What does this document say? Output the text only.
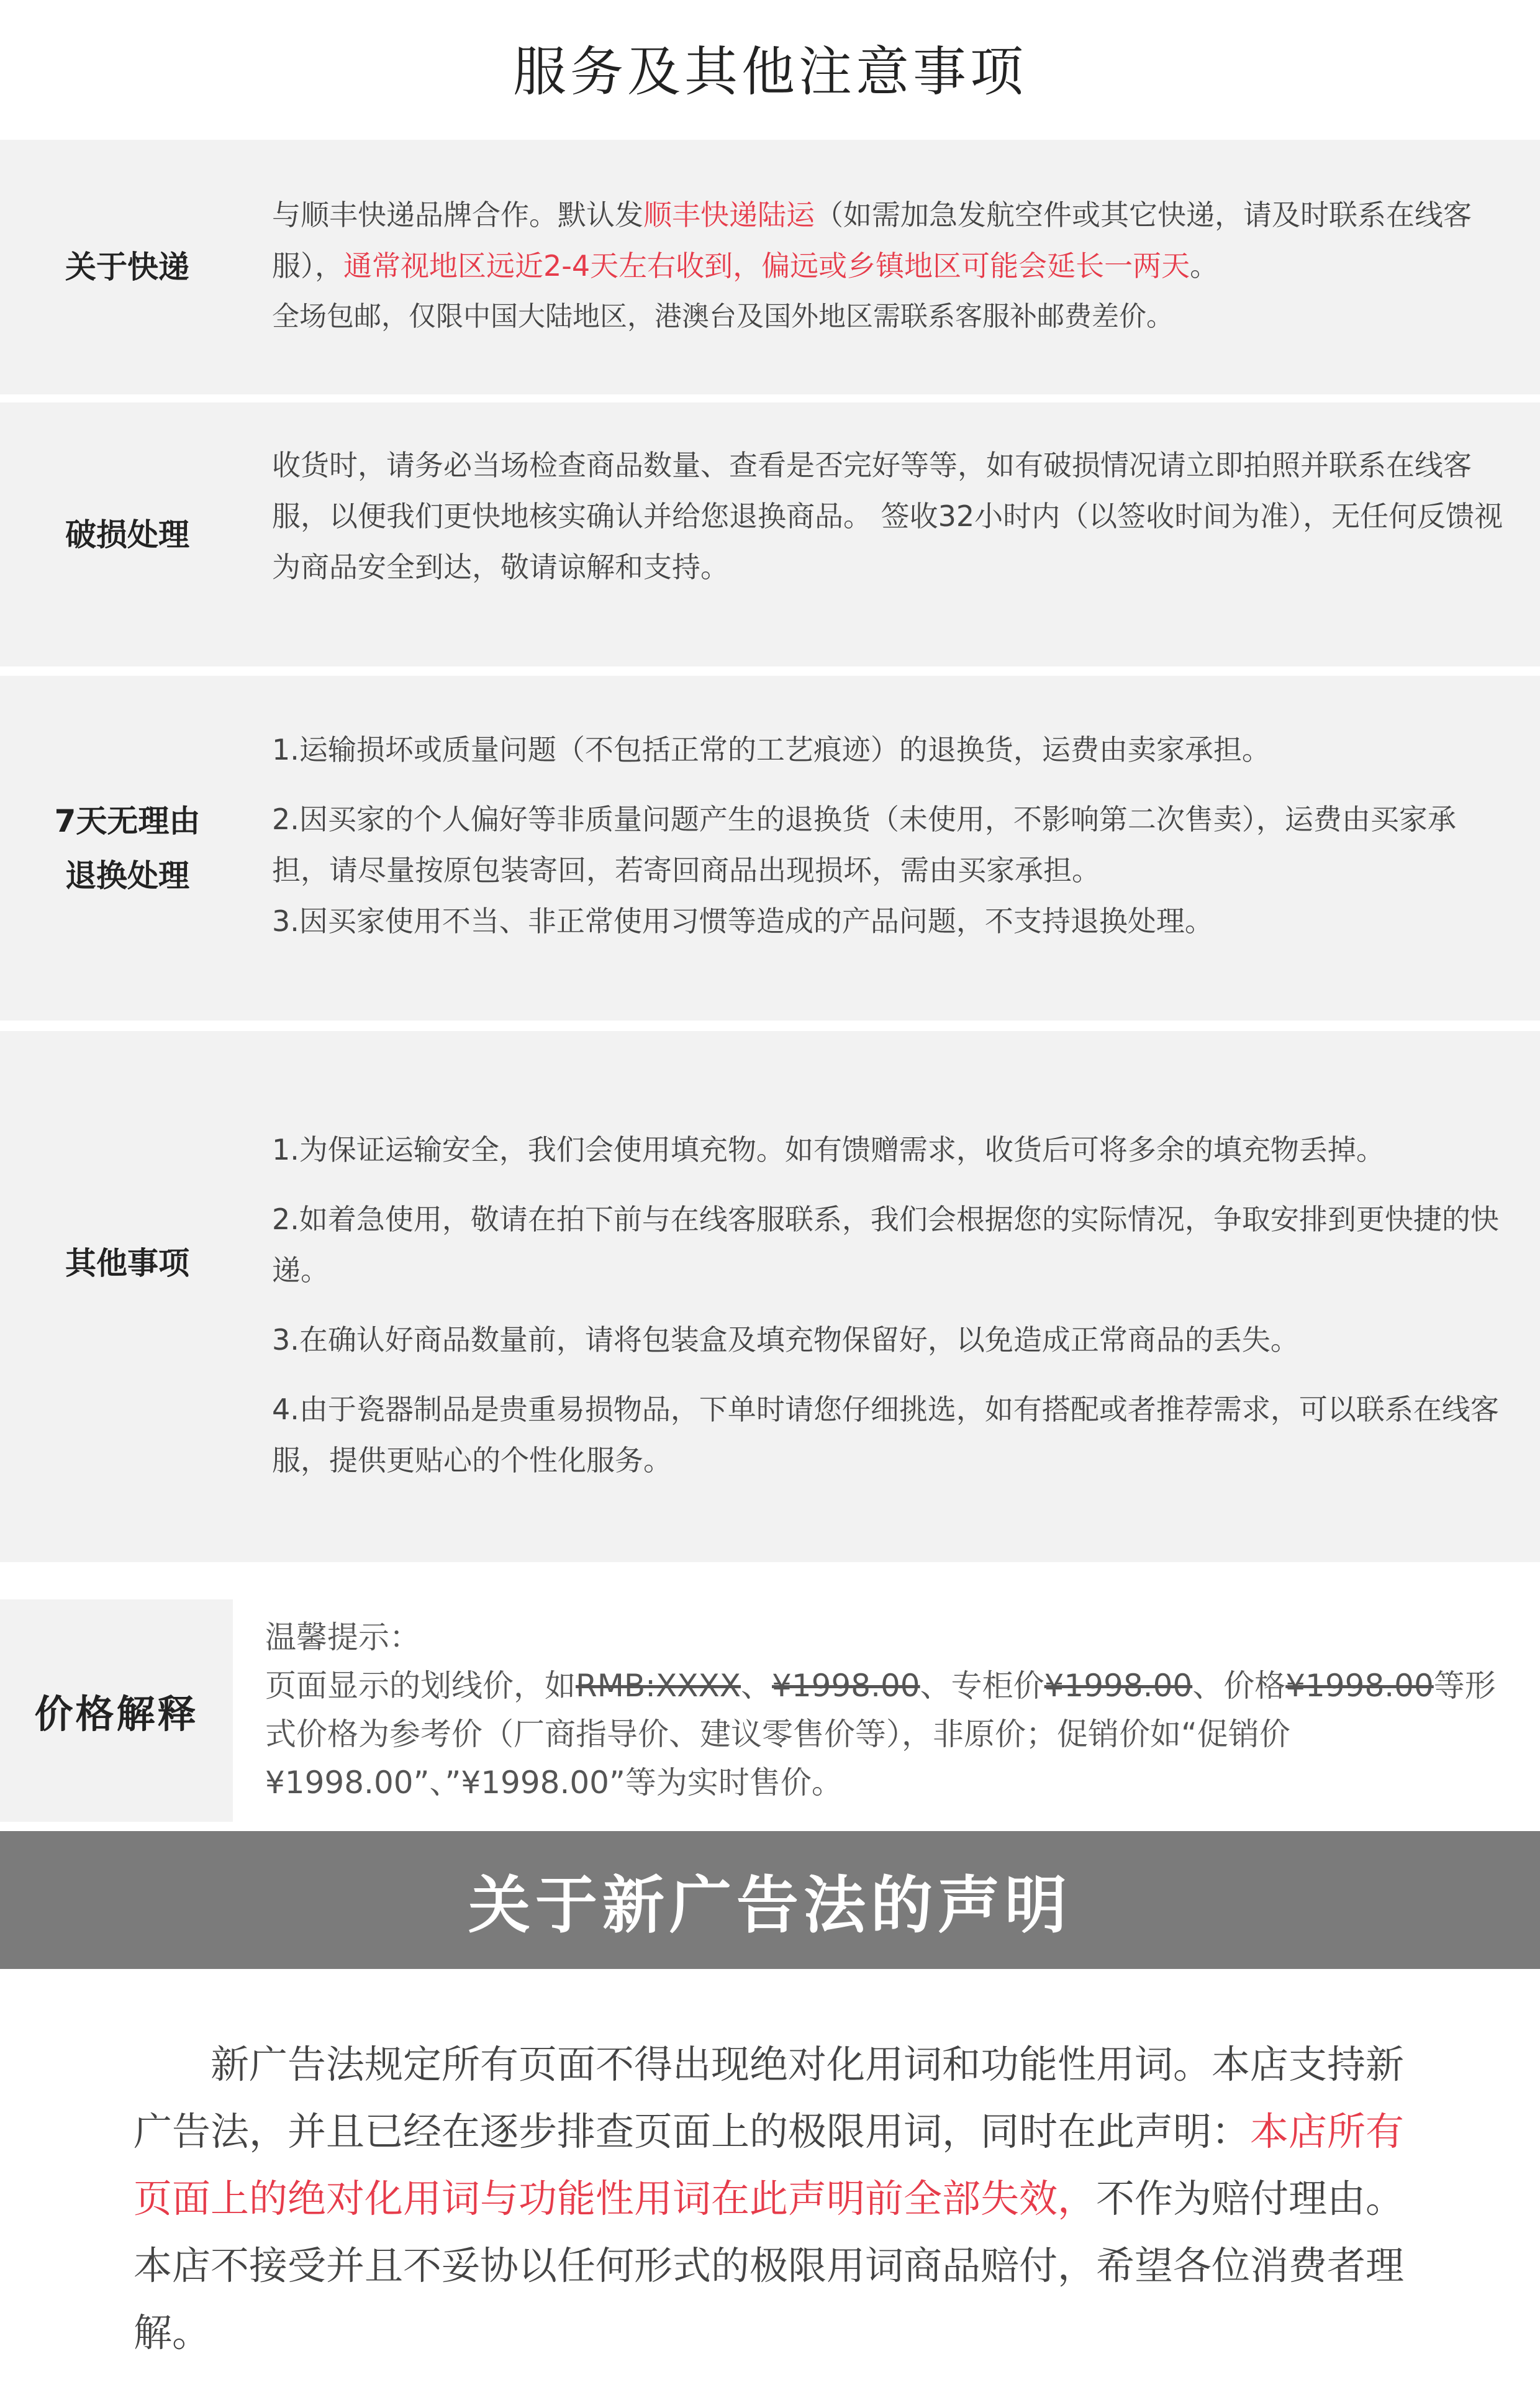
服务及其他注意事项
关于快递

与顺丰快递品牌合作。默认发顺丰快递陆运（如需加急发航空件或其它快递，请及时联系在线客服），通常视地区远近2-4天左右收到，偏远或乡镇地区可能会延长一两天。

全场包邮，仅限中国大陆地区，港澳台及国外地区需联系客服补邮费差价。

破损处理

收货时，请务必当场检查商品数量、查看是否完好等等，如有破损情况请立即拍照并联系在线客服，以便我们更快地核实确认并给您退换商品。 签收32小时内（以签收时间为准），无任何反馈视为商品安全到达，敬请谅解和支持。

7天无理由
退换处理

1.运输损坏或质量问题（不包括正常的工艺痕迹）的退换货，运费由卖家承担。

2.因买家的个人偏好等非质量问题产生的退换货（未使用，不影响第二次售卖），运费由买家承担，请尽量按原包装寄回，若寄回商品出现损坏，需由买家承担。

3.因买家使用不当、非正常使用习惯等造成的产品问题，不支持退换处理。

其他事项

1.为保证运输安全，我们会使用填充物。如有馈赠需求，收货后可将多余的填充物丢掉。

2.如着急使用，敬请在拍下前与在线客服联系，我们会根据您的实际情况，争取安排到更快捷的快递。

3.在确认好商品数量前，请将包装盒及填充物保留好，以免造成正常商品的丢失。

4.由于瓷器制品是贵重易损物品，下单时请您仔细挑选，如有搭配或者推荐需求，可以联系在线客服，提供更贴心的个性化服务。

价格解释

温馨提示：

页面显示的划线价，如RMB:XXXX、¥1998.00、专柜价¥1998.00、价格¥1998.00等形式价格为参考价（厂商指导价、建议零售价等），非原价；促销价如“促销价¥1998.00”、”¥1998.00”等为实时售价。

关于新广告法的声明

新广告法规定所有页面不得出现绝对化用词和功能性用词。本店支持新广告法，并且已经在逐步排查页面上的极限用词，同时在此声明：本店所有页面上的绝对化用词与功能性用词在此声明前全部失效，不作为赔付理由。本店不接受并且不妥协以任何形式的极限用词商品赔付，希望各位消费者理解。
